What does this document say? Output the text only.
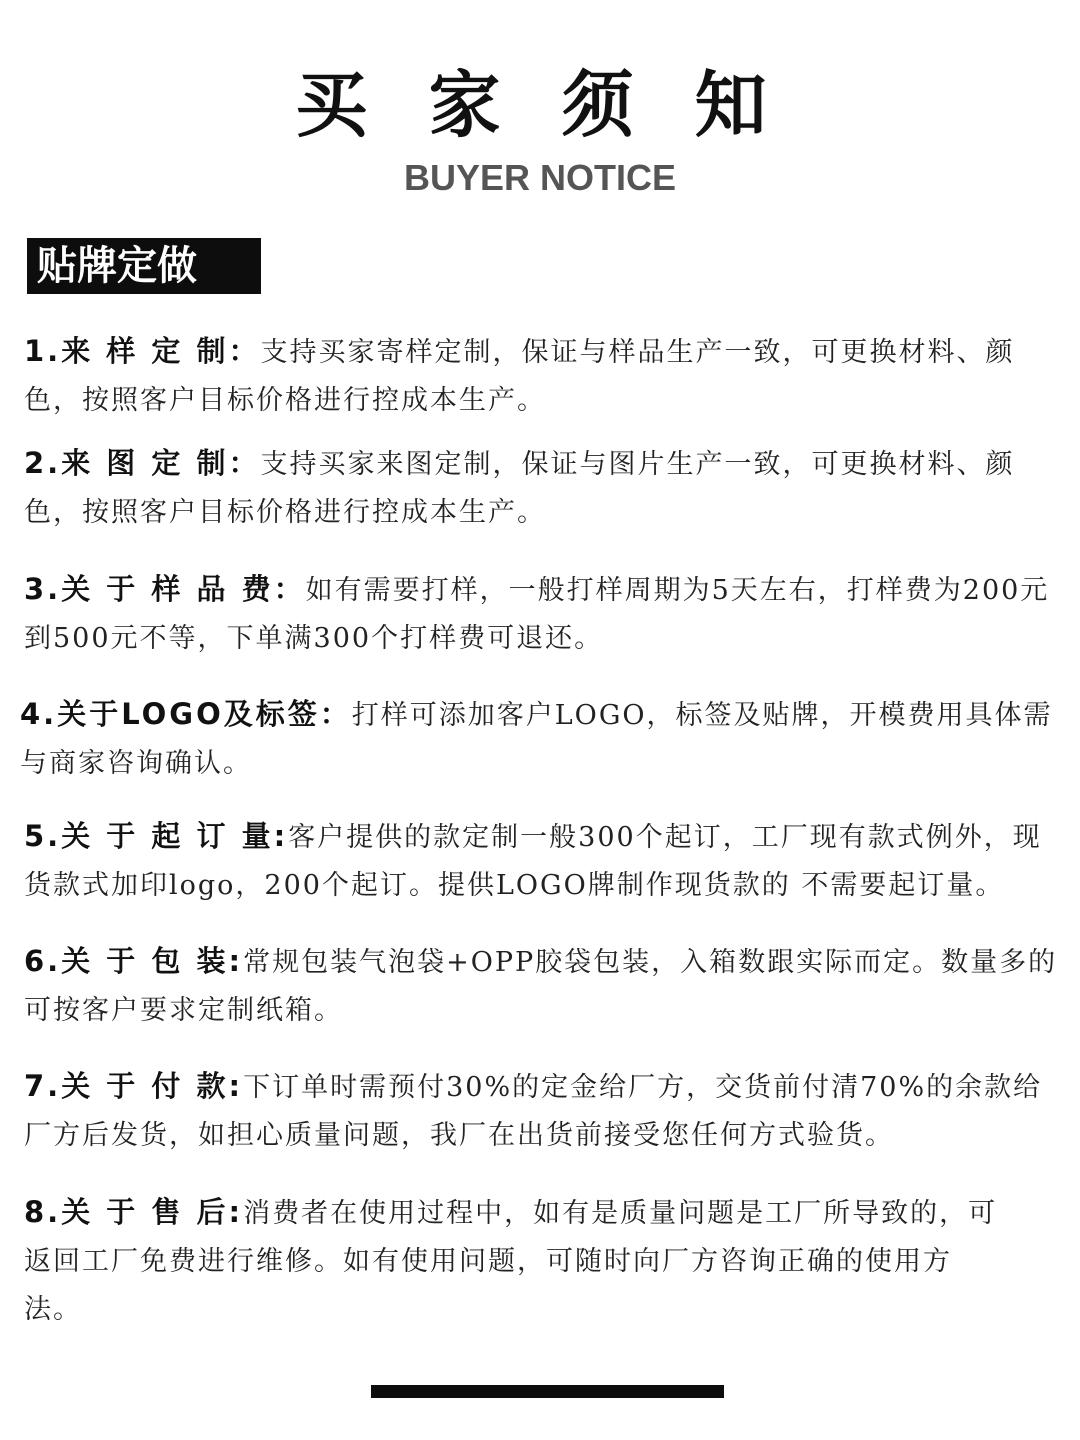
买 家 须 知
BUYER NOTICE
贴牌定做
1.来 样 定 制：支持买家寄样定制，保证与样品生产一致，可更换材料、颜色，按照客户目标价格进行控成本生产。
2.来 图 定 制：支持买家来图定制，保证与图片生产一致，可更换材料、颜色，按照客户目标价格进行控成本生产。
3.关 于 样 品 费：如有需要打样，一般打样周期为5天左右，打样费为200元到500元不等，下单满300个打样费可退还。
4.关于LOGO及标签：打样可添加客户LOGO，标签及贴牌，开模费用具体需与商家咨询确认。
5.关 于 起 订 量:客户提供的款定制一般300个起订，工厂现有款式例外，现货款式加印logo，200个起订。提供LOGO牌制作现货款的 不需要起订量。
6.关 于 包 装:常规包装气泡袋+OPP胶袋包装，入箱数跟实际而定。数量多的可按客户要求定制纸箱。
7.关 于 付 款:下订单时需预付30%的定金给厂方，交货前付清70%的余款给厂方后发货，如担心质量问题，我厂在出货前接受您任何方式验货。
8.关 于 售 后:消费者在使用过程中，如有是质量问题是工厂所导致的，可返回工厂免费进行维修。如有使用问题，可随时向厂方咨询正确的使用方法。
